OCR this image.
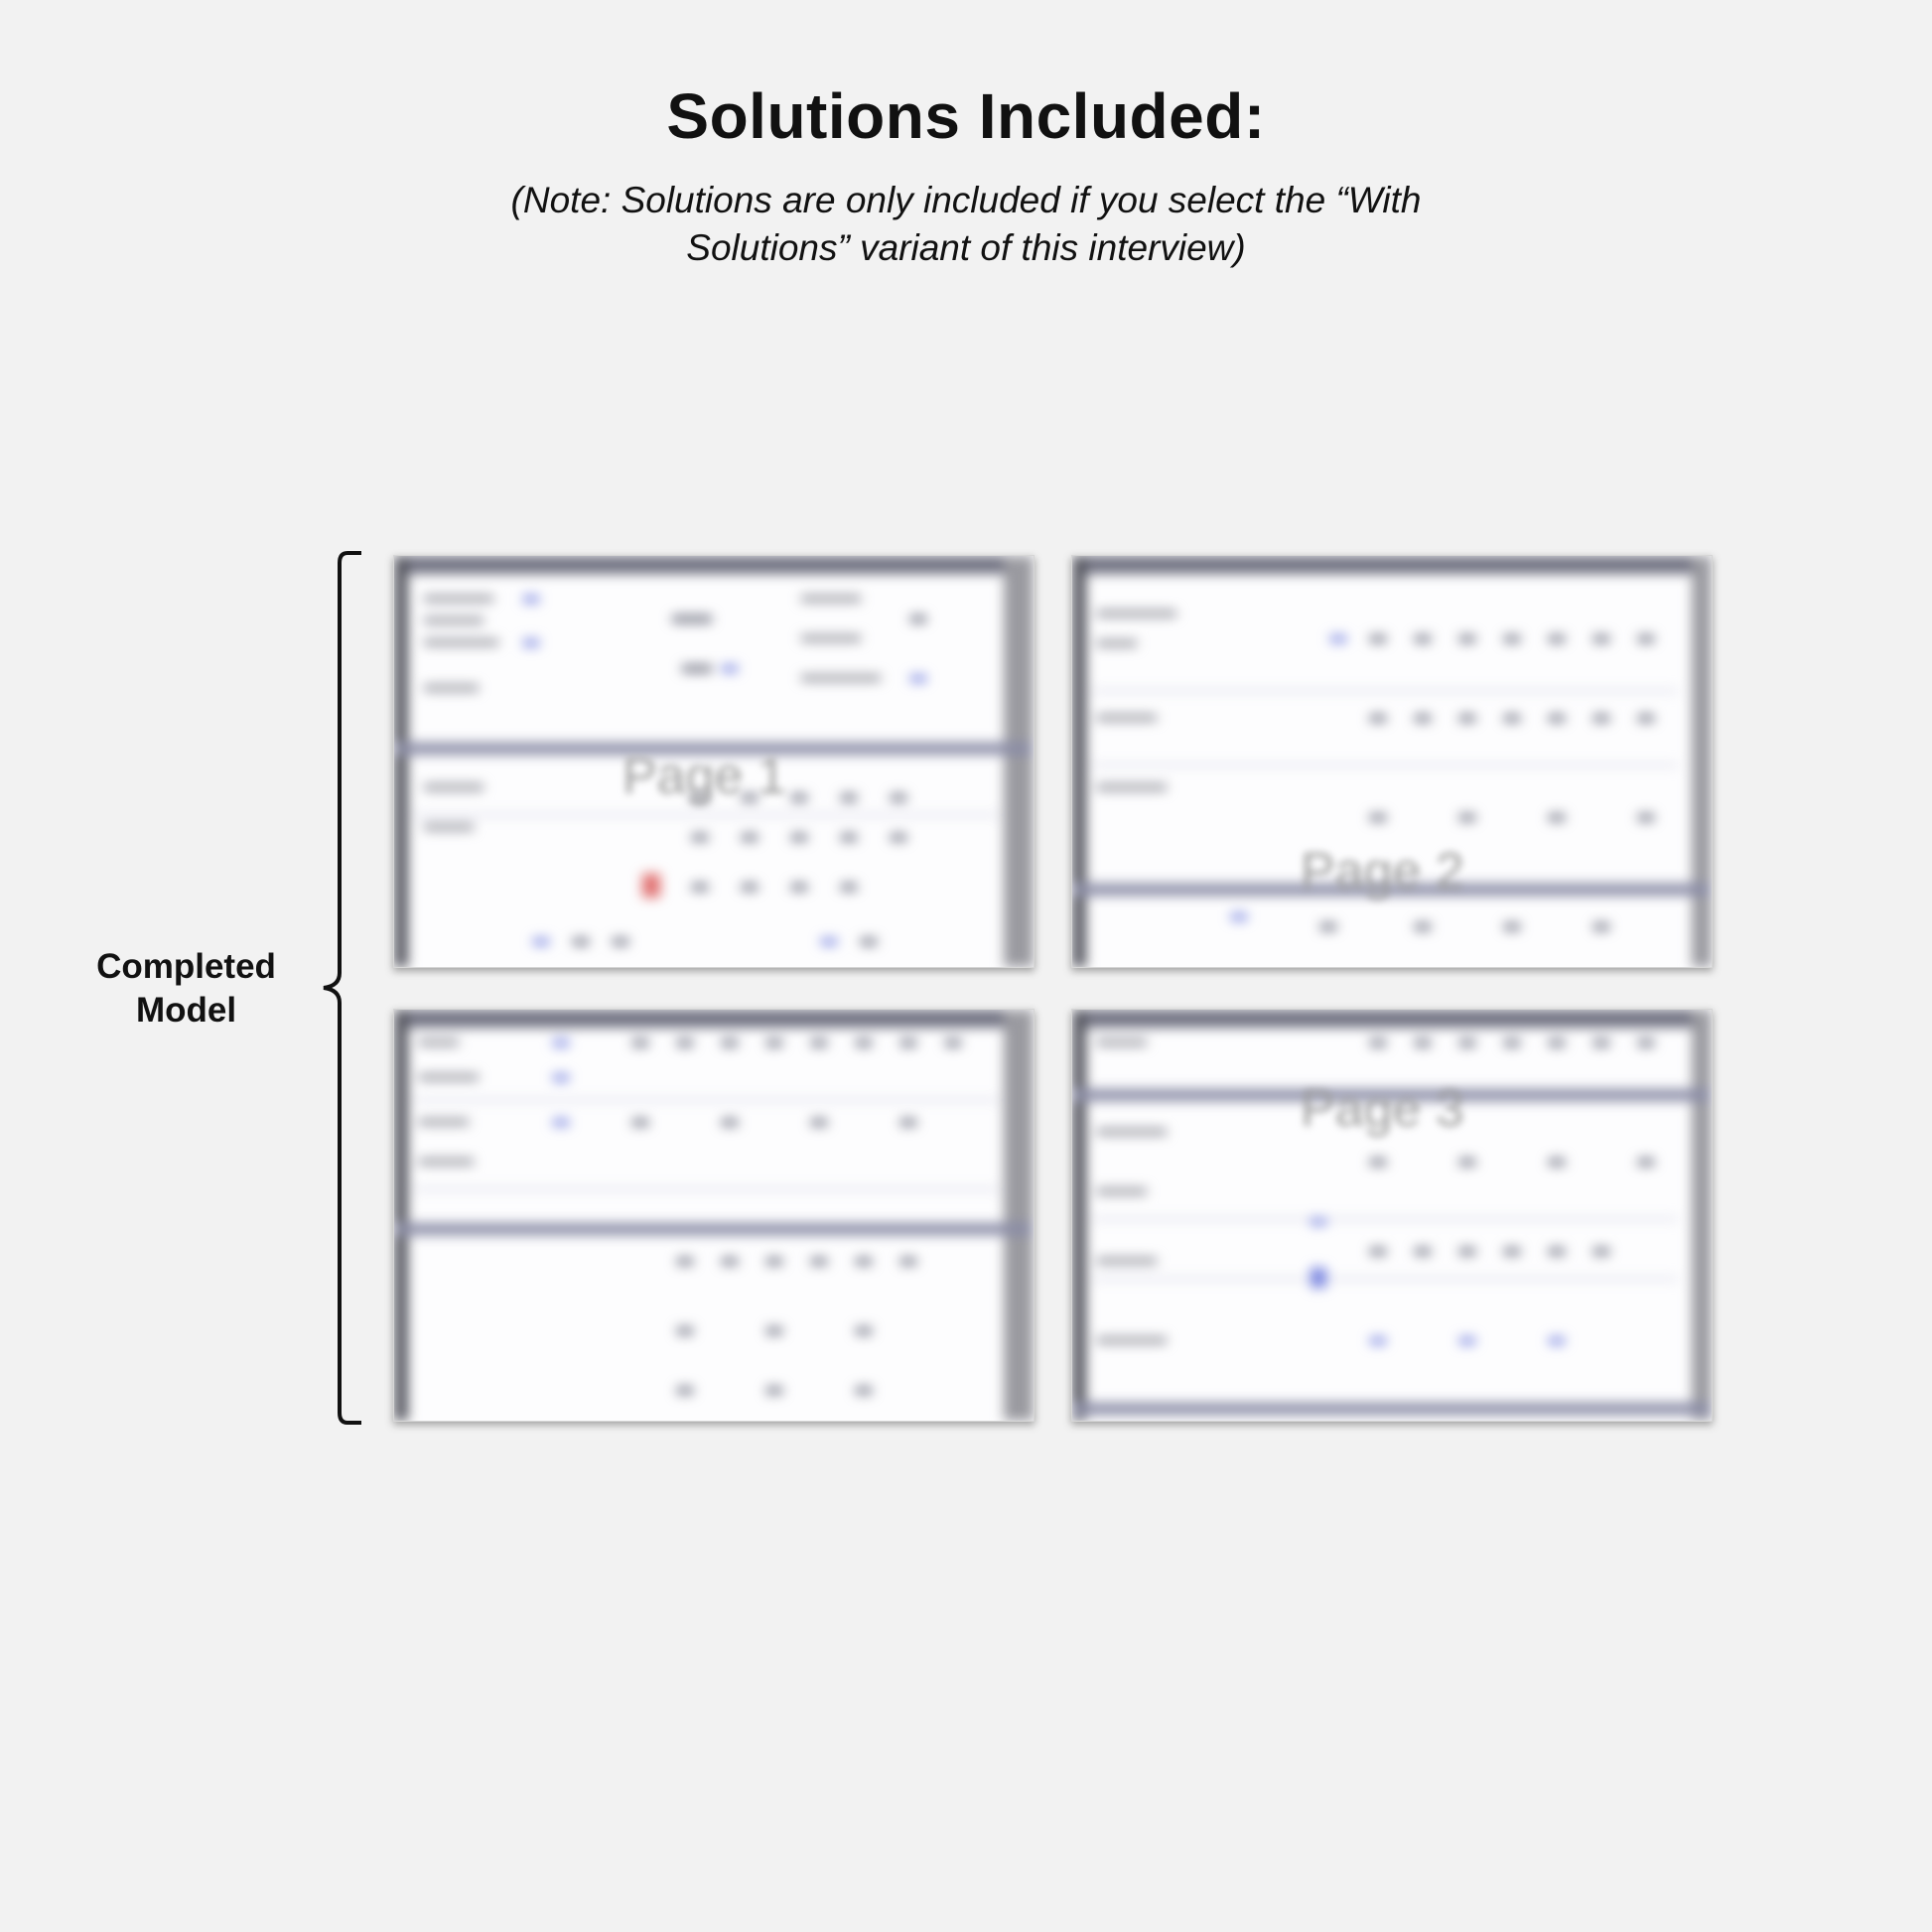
Solutions Included:
(Note: Solutions are only included if you select the “With
Solutions” variant of this interview)
Completed
Model
Page 1
Page 2
Page 3
